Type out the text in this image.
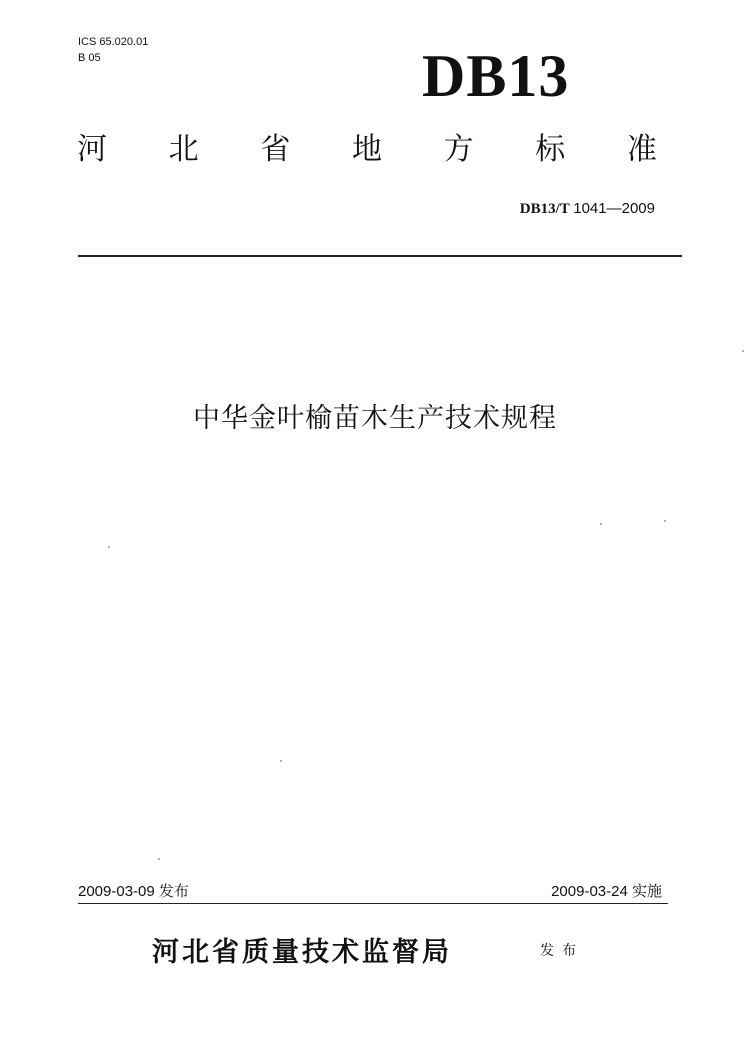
ICS 65.020.01
B 05	DB13
河 北 省 地 方 标 准
DB13/T 1041—2009
中华金叶榆苗木生产技术规程
2009-03-09 发布	2009-03-24 实施
河北省质量技术监督局	发布
